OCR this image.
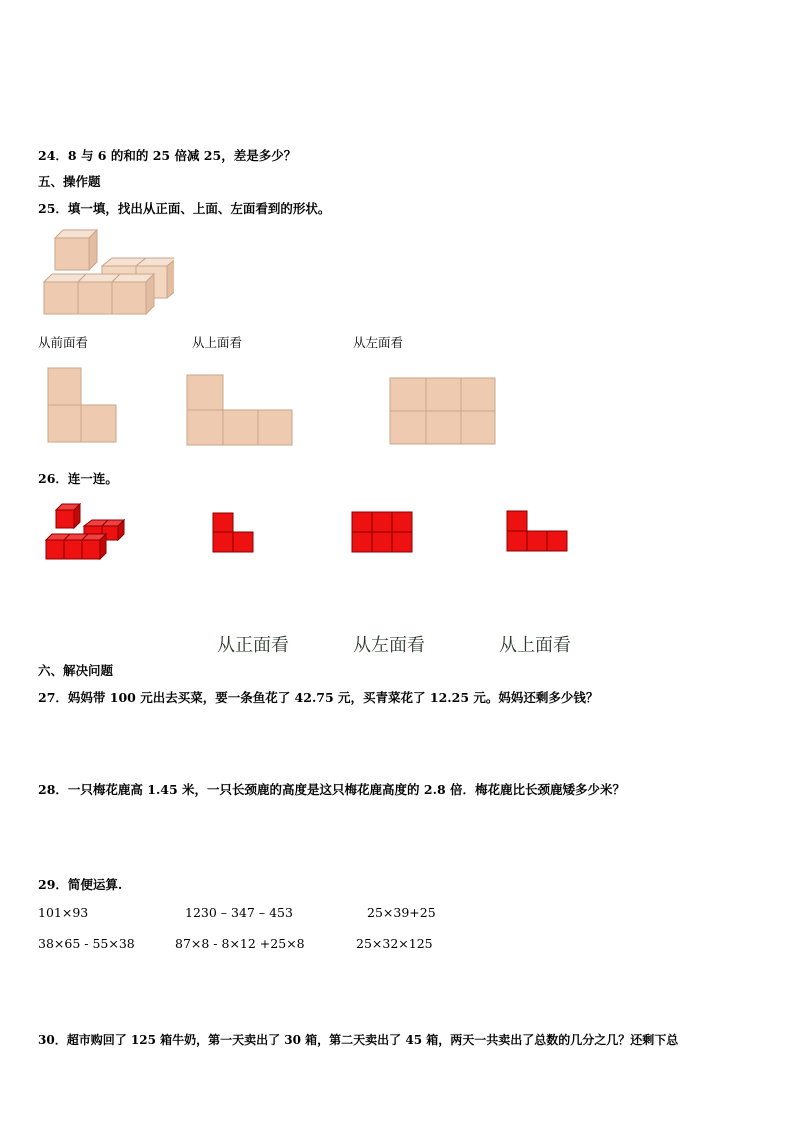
24．8 与 6 的和的 25 倍减 25，差是多少？
五、操作题
25．填一填，找出从正面、上面、左面看到的形状。
从前面看	从上面看	从左面看
26．连一连。
从正面看	从左面看	从上面看
六、解决问题
27．妈妈带 100 元出去买菜，要一条鱼花了 42.75 元，买青菜花了 12.25 元。妈妈还剩多少钱？
28．一只梅花鹿高 1.45 米，一只长颈鹿的高度是这只梅花鹿高度的 2.8 倍．梅花鹿比长颈鹿矮多少米？
29．简便运算.
101×93	1230 – 347 – 453	25×39+25
38×65 - 55×38	87×8 - 8×12 +25×8	25×32×125
30．超市购回了 125 箱牛奶，第一天卖出了 30 箱，第二天卖出了 45 箱，两天一共卖出了总数的几分之几？还剩下总
